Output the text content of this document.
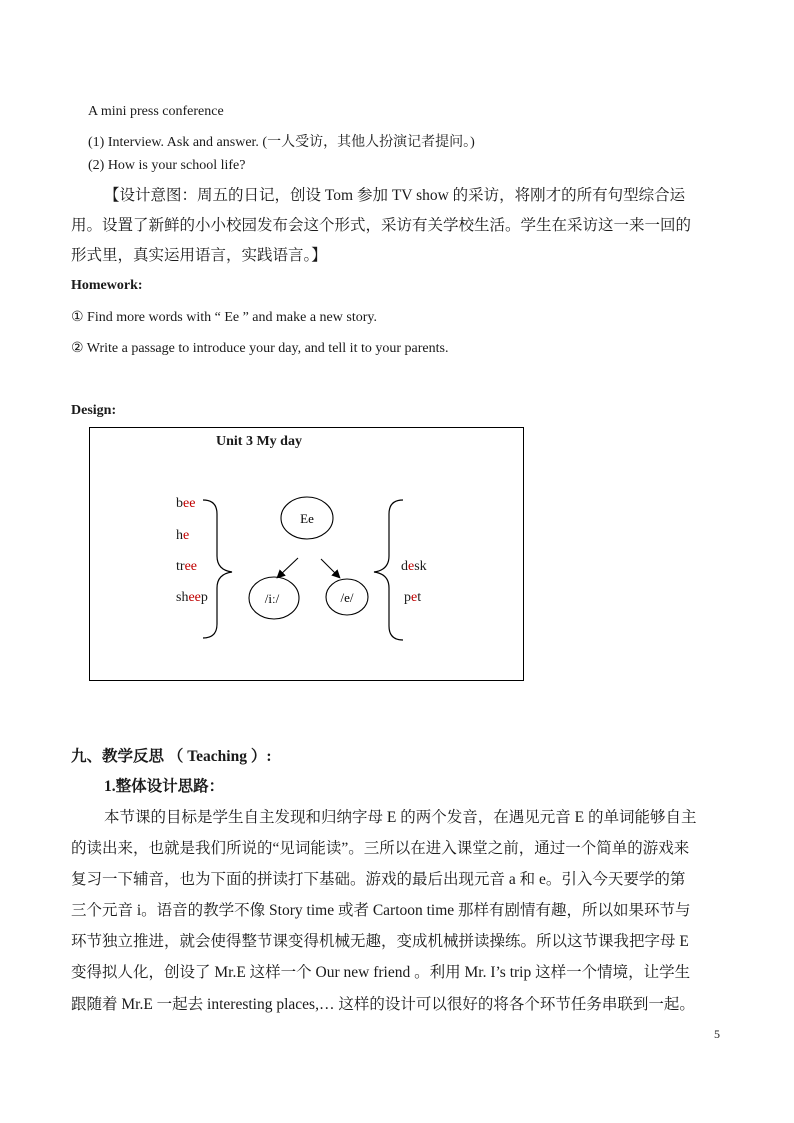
A mini press conference
(1) Interview. Ask and answer. (一人受访，其他人扮演记者提问。)
(2) How is your school life?
【设计意图：周五的日记，创设 Tom 参加 TV show 的采访，将刚才的所有句型综合运
用。设置了新鲜的小小校园发布会这个形式，采访有关学校生活。学生在采访这一来一回的
形式里，真实运用语言，实践语言。】
Homework:
① Find more words with “ Ee ” and make a new story.
② Write a passage to introduce your day, and tell it to your parents.
Design:
Unit 3 My day
bee
he
tree
sheep
desk
pet
Ee
/iː/	/e/
九、教学反思 （ Teaching ）:
1.整体设计思路：
本节课的目标是学生自主发现和归纳字母 E 的两个发音，在遇见元音 E 的单词能够自主
的读出来，也就是我们所说的“见词能读”。三所以在进入课堂之前，通过一个简单的游戏来
复习一下辅音，也为下面的拼读打下基础。游戏的最后出现元音 a 和 e。引入今天要学的第
三个元音 i。语音的教学不像 Story time 或者 Cartoon time 那样有剧情有趣，所以如果环节与
环节独立推进，就会使得整节课变得机械无趣，变成机械拼读操练。所以这节课我把字母 E
变得拟人化，创设了 Mr.E 这样一个 Our new friend 。利用 Mr. I’s trip 这样一个情境，让学生
跟随着 Mr.E 一起去 interesting places,… 这样的设计可以很好的将各个环节任务串联到一起。
5
